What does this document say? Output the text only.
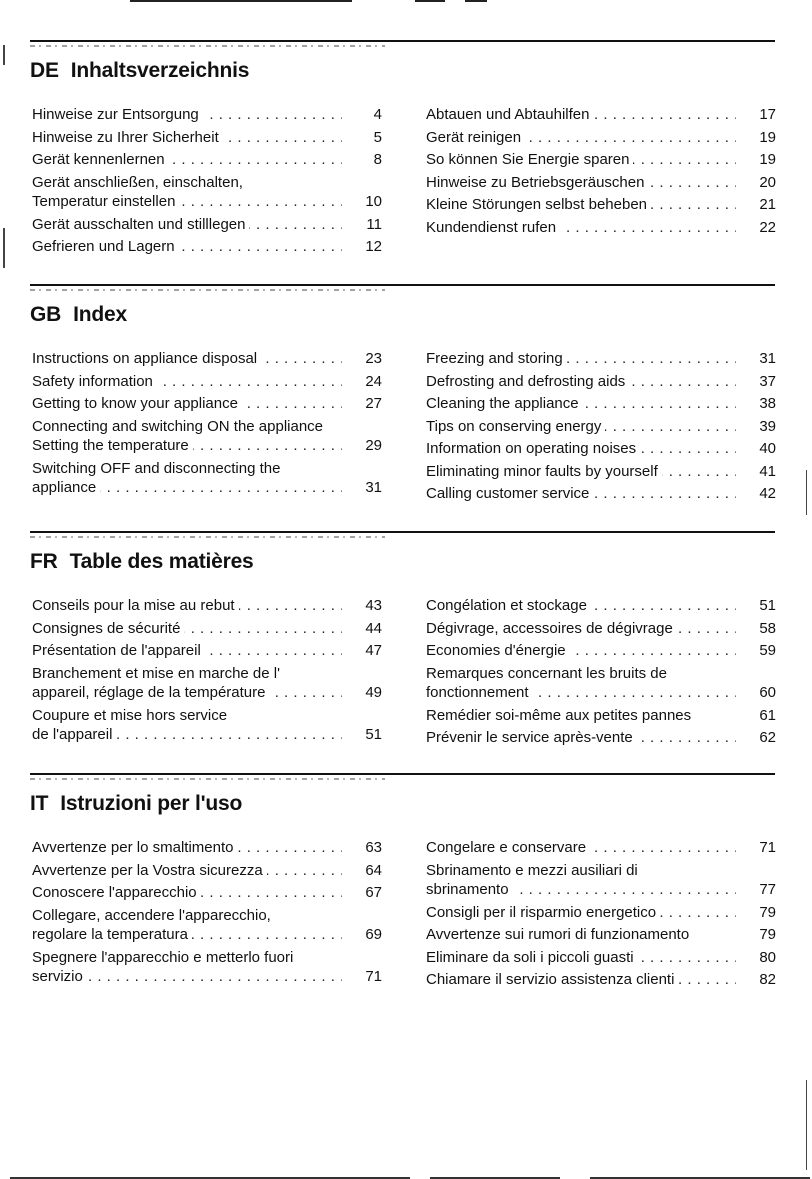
DE Inhaltsverzeichnis
Hinweise zur Entsorgung . . .	4
Hinweise zu Ihrer Sicherheit . . .	5
Gerät kennenlernen . . .	8
Gerät anschließen, einschalten,
Temperatur einstellen . . .	10
Gerät ausschalten und stilllegen . . .	11
Gefrieren und Lagern . . .	12
Abtauen und Abtauhilfen . . .	17
Gerät reinigen . . .	19
So können Sie Energie sparen . . .	19
Hinweise zu Betriebsgeräuschen . . .	20
Kleine Störungen selbst beheben . . .	21
Kundendienst rufen . . .	22
GB Index
Instructions on appliance disposal . . .	23
Safety information . . .	24
Getting to know your appliance . . .	27
Connecting and switching ON the appliance
Setting the temperature . . .	29
Switching OFF and disconnecting the
appliance . . .	31
Freezing and storing . . .	31
Defrosting and defrosting aids . . .	37
Cleaning the appliance . . .	38
Tips on conserving energy . . .	39
Information on operating noises . . .	40
Eliminating minor faults by yourself . . .	41
Calling customer service . . .	42
FR Table des matières
Conseils pour la mise au rebut . . .	43
Consignes de sécurité . . .	44
Présentation de l'appareil . . .	47
Branchement et mise en marche de l'
appareil, réglage de la température . . .	49
Coupure et mise hors service
de l'appareil . . .	51
Congélation et stockage . . .	51
Dégivrage, accessoires de dégivrage . . .	58
Economies d'énergie . . .	59
Remarques concernant les bruits de
fonctionnement . . .	60
Remédier soi-même aux petites pannes	61
Prévenir le service après-vente . . .	62
IT Istruzioni per l'uso
Avvertenze per lo smaltimento . . .	63
Avvertenze per la Vostra sicurezza . . .	64
Conoscere l'apparecchio . . .	67
Collegare, accendere l'apparecchio,
regolare la temperatura . . .	69
Spegnere l'apparecchio e metterlo fuori
servizio . . .	71
Congelare e conservare . . .	71
Sbrinamento e mezzi ausiliari di
sbrinamento . . .	77
Consigli per il risparmio energetico . . .	79
Avvertenze sui rumori di funzionamento	79
Eliminare da soli i piccoli guasti . . .	80
Chiamare il servizio assistenza clienti . . .	82
